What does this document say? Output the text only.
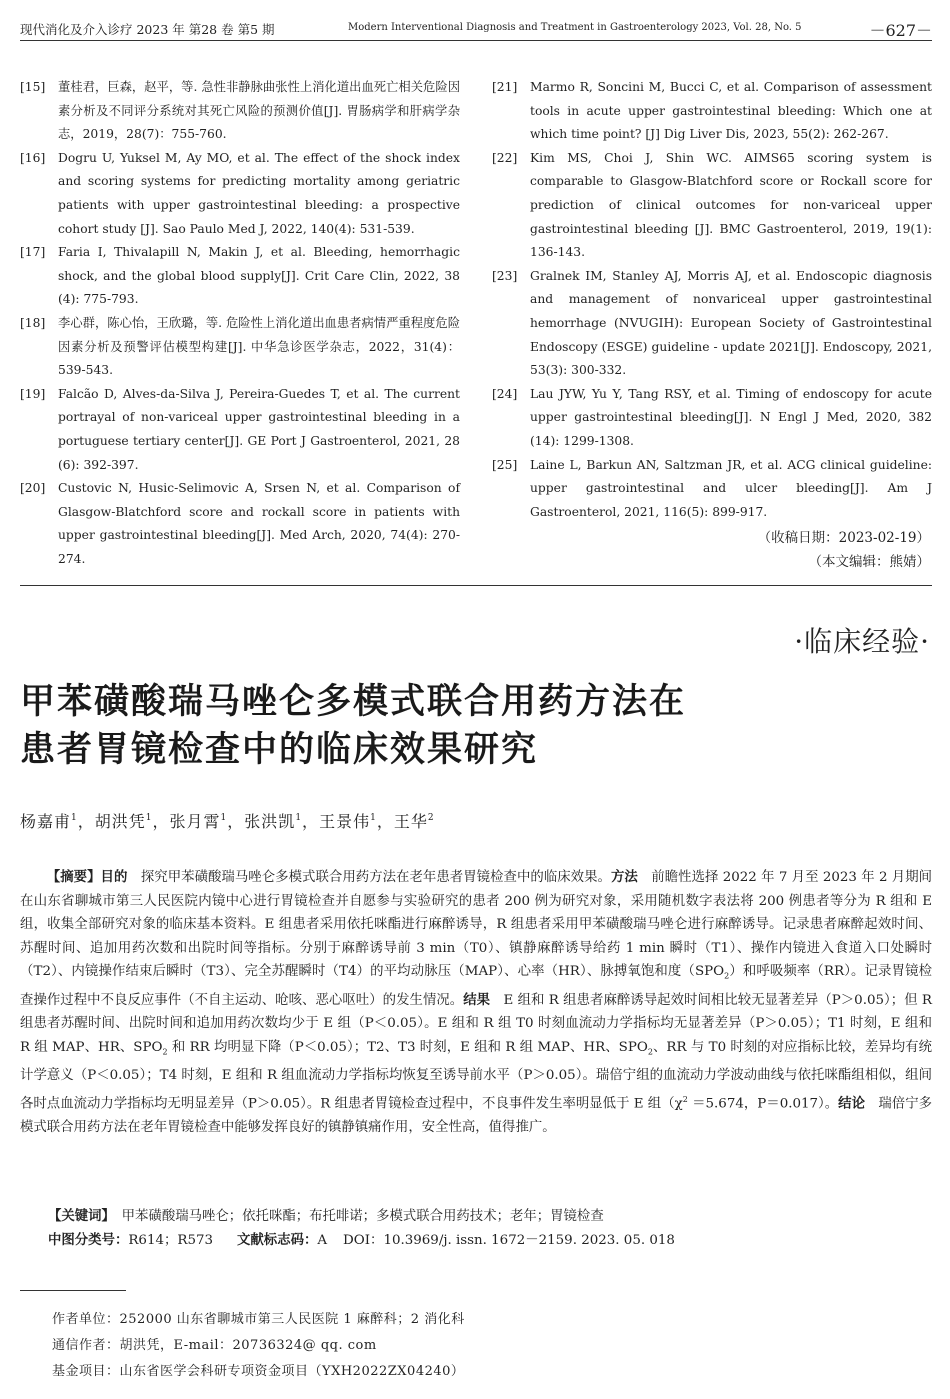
现代消化及介入诊疗 2023 年 第28 卷 第5 期	Modern Interventional Diagnosis and Treatment in Gastroenterology 2023, Vol. 28, No. 5	－627－
[15] 董桂君，巨森，赵平，等. 急性非静脉曲张性上消化道出血死亡相关危险因素分析及不同评分系统对其死亡风险的预测价值[J]. 胃肠病学和肝病学杂志，2019，28(7)：755-760.
[16] Dogru U, Yuksel M, Ay MO, et al. The effect of the shock index and scoring systems for predicting mortality among geriatric patients with upper gastrointestinal bleeding: a prospective cohort study [J]. Sao Paulo Med J, 2022, 140(4): 531-539.
[17] Faria I, Thivalapill N, Makin J, et al. Bleeding, hemorrhagic shock, and the global blood supply[J]. Crit Care Clin, 2022, 38 (4): 775-793.
[18] 李心群，陈心怡，王欣璐，等. 危险性上消化道出血患者病情严重程度危险因素分析及预警评估模型构建[J]. 中华急诊医学杂志，2022，31(4)：539-543.
[19] Falcão D, Alves-da-Silva J, Pereira-Guedes T, et al. The current portrayal of non-variceal upper gastrointestinal bleeding in a portuguese tertiary center[J]. GE Port J Gastroenterol, 2021, 28 (6): 392-397.
[20] Custovic N, Husic-Selimovic A, Srsen N, et al. Comparison of Glasgow-Blatchford score and rockall score in patients with upper gastrointestinal bleeding[J]. Med Arch, 2020, 74(4): 270-274.
[21] Marmo R, Soncini M, Bucci C, et al. Comparison of assessment tools in acute upper gastrointestinal bleeding: Which one at which time point? [J] Dig Liver Dis, 2023, 55(2): 262-267.
[22] Kim MS, Choi J, Shin WC. AIMS65 scoring system is comparable to Glasgow-Blatchford score or Rockall score for prediction of clinical outcomes for non-variceal upper gastrointestinal bleeding [J]. BMC Gastroenterol, 2019, 19(1): 136-143.
[23] Gralnek IM, Stanley AJ, Morris AJ, et al. Endoscopic diagnosis and management of nonvariceal upper gastrointestinal hemorrhage (NVUGIH): European Society of Gastrointestinal Endoscopy (ESGE) guideline - update 2021[J]. Endoscopy, 2021, 53(3): 300-332.
[24] Lau JYW, Yu Y, Tang RSY, et al. Timing of endoscopy for acute upper gastrointestinal bleeding[J]. N Engl J Med, 2020, 382 (14): 1299-1308.
[25] Laine L, Barkun AN, Saltzman JR, et al. ACG clinical guideline: upper gastrointestinal and ulcer bleeding[J]. Am J Gastroenterol, 2021, 116(5): 899-917.
（收稿日期：2023-02-19）
（本文编辑：熊婧）
·临床经验·
甲苯磺酸瑞马唑仑多模式联合用药方法在
患者胃镜检查中的临床效果研究
杨嘉甫$^1$，胡洪凭$^1$，张月霄$^1$，张洪凯$^1$，王景伟$^1$，王华$^2$
【摘要】目的　探究甲苯磺酸瑞马唑仑多模式联合用药方法在老年患者胃镜检查中的临床效果。方法　前瞻性选择 2022 年 7 月至 2023 年 2 月期间在山东省聊城市第三人民医院内镜中心进行胃镜检查并自愿参与实验研究的患者 200 例为研究对象，采用随机数字表法将 200 例患者等分为 R 组和 E 组，收集全部研究对象的临床基本资料。E 组患者采用依托咪酯进行麻醉诱导，R 组患者采用甲苯磺酸瑞马唑仑进行麻醉诱导。记录患者麻醉起效时间、苏醒时间、追加用药次数和出院时间等指标。分别于麻醉诱导前 3 min（T0）、镇静麻醉诱导给药 1 min 瞬时（T1）、操作内镜进入食道入口处瞬时（T2）、内镜操作结束后瞬时（T3）、完全苏醒瞬时（T4）的平均动脉压（MAP）、心率（HR）、脉搏氧饱和度$(SPO_2)$和呼吸频率（RR）。记录胃镜检查操作过程中不良反应事件（不自主运动、呛咳、恶心呕吐）的发生情况。结果　E 组和 R 组患者麻醉诱导起效时间相比较无显著差异（P＞0.05）；但 R 组患者苏醒时间、出院时间和追加用药次数均少于 E 组（P＜0.05）。E 组和 R 组 T0 时刻血流动力学指标均无显著差异（P＞0.05）；T1 时刻，E 组和 R 组 MAP、HR、$SPO_2$ 和 RR 均明显下降（P＜0.05）；T2、T3 时刻，E 组和 R 组 MAP、HR、$SPO_2$、RR 与 T0 时刻的对应指标比较，差异均有统计学意义（P＜0.05）；T4 时刻，E 组和 R 组血流动力学指标均恢复至诱导前水平（P＞0.05）。瑞倍宁组的血流动力学波动曲线与依托咪酯组相似，组间各时点血流动力学指标均无明显差异（P＞0.05）。R 组患者胃镜检查过程中，不良事件发生率明显低于 E 组（$\chi^2 =5.674$，P＝0.017）。结论　瑞倍宁多模式联合用药方法在老年胃镜检查中能够发挥良好的镇静镇痛作用，安全性高，值得推广。
【关键词】　甲苯磺酸瑞马唑仑；依托咪酯；布托啡诺；多模式联合用药技术；老年；胃镜检查
中图分类号：R614；R573 文献标志码：A DOI：10.3969/j. issn. 1672－2159. 2023. 05. 018
作者单位：252000 山东省聊城市第三人民医院 1 麻醉科；2 消化科
通信作者：胡洪凭，E-mail：20736324@ qq. com
基金项目：山东省医学会科研专项资金项目（YXH2022ZX04240）
